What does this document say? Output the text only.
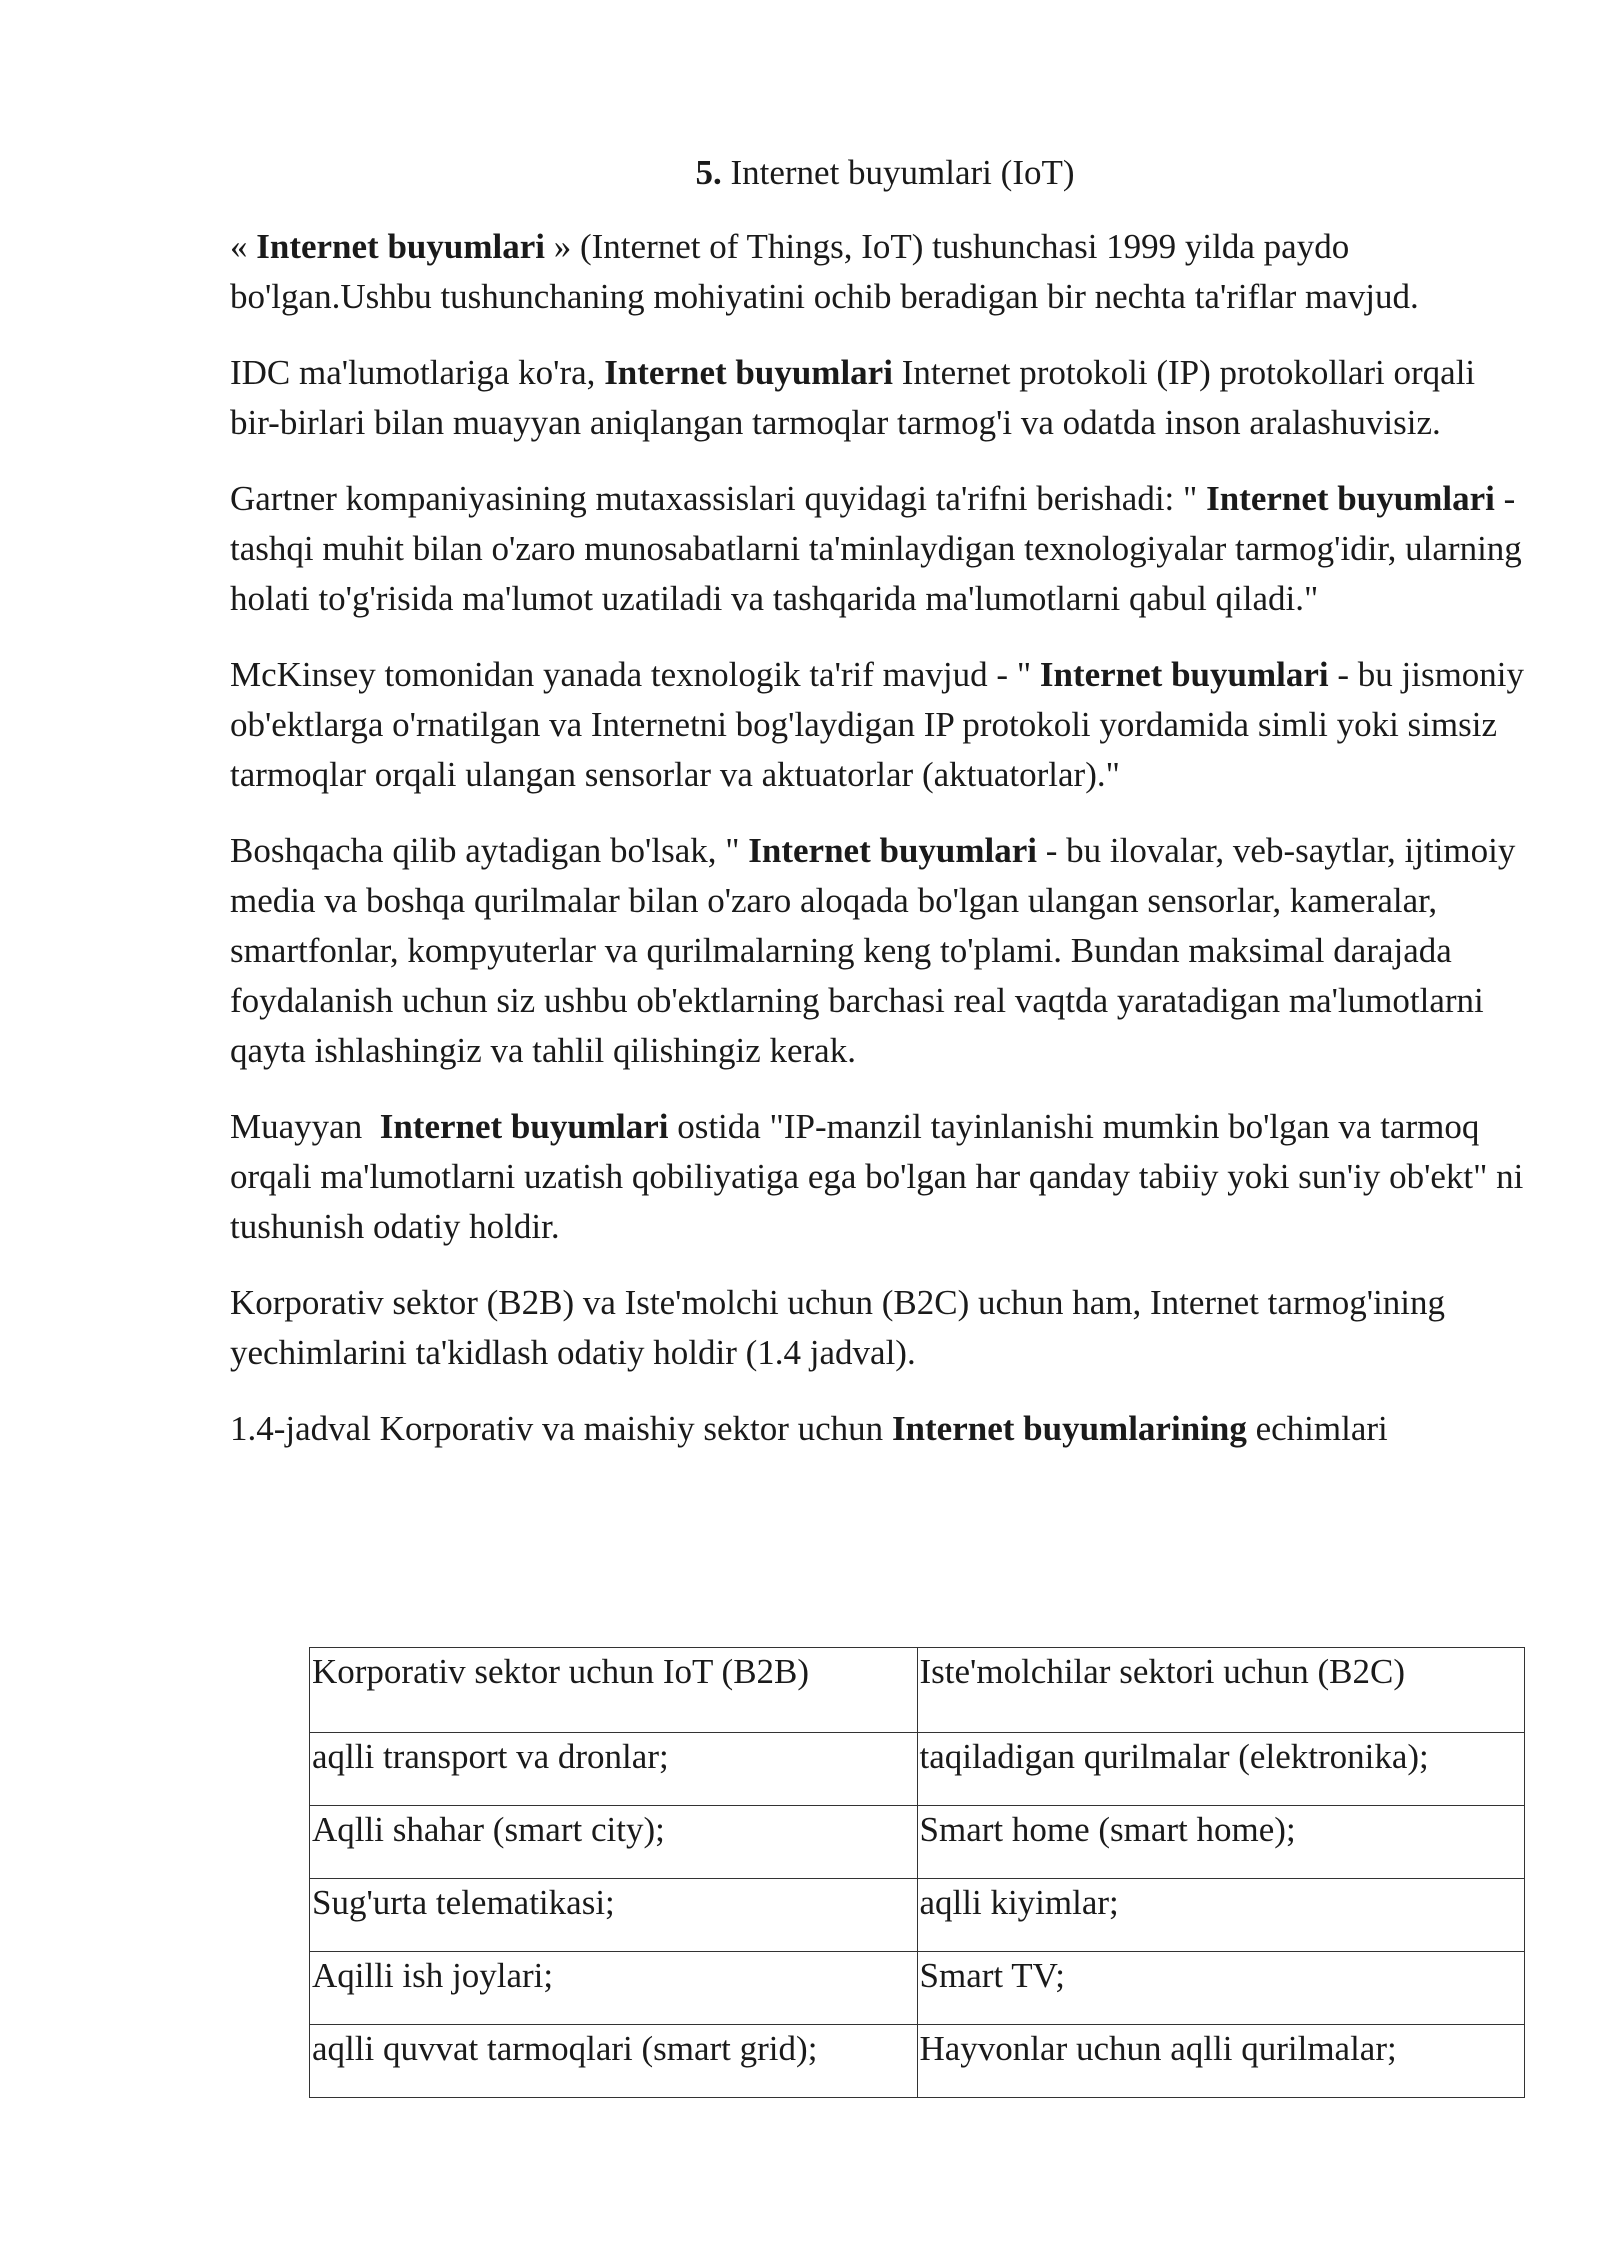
5. Internet buyumlari (IoT)

« Internet buyumlari » (Internet of Things, IoT) tushunchasi 1999 yilda paydo bo'lgan.Ushbu tushunchaning mohiyatini ochib beradigan bir nechta ta'riflar mavjud.

IDC ma'lumotlariga ko'ra, Internet buyumlari Internet protokoli (IP) protokollari orqali bir-birlari bilan muayyan aniqlangan tarmoqlar tarmog'i va odatda inson aralashuvisiz.

Gartner kompaniyasining mutaxassislari quyidagi ta'rifni berishadi: " Internet buyumlari - tashqi muhit bilan o'zaro munosabatlarni ta'minlaydigan texnologiyalar tarmog'idir, ularning holati to'g'risida ma'lumot uzatiladi va tashqarida ma'lumotlarni qabul qiladi."

McKinsey tomonidan yanada texnologik ta'rif mavjud - " Internet buyumlari - bu jismoniy ob'ektlarga o'rnatilgan va Internetni bog'laydigan IP protokoli yordamida simli yoki simsiz tarmoqlar orqali ulangan sensorlar va aktuatorlar (aktuatorlar)."

Boshqacha qilib aytadigan bo'lsak, " Internet buyumlari - bu ilovalar, veb-saytlar, ijtimoiy media va boshqa qurilmalar bilan o'zaro aloqada bo'lgan ulangan sensorlar, kameralar, smartfonlar, kompyuterlar va qurilmalarning keng to'plami. Bundan maksimal darajada foydalanish uchun siz ushbu ob'ektlarning barchasi real vaqtda yaratadigan ma'lumotlarni qayta ishlashingiz va tahlil qilishingiz kerak.

Muayyan  Internet buyumlari ostida "IP-manzil tayinlanishi mumkin bo'lgan va tarmoq orqali ma'lumotlarni uzatish qobiliyatiga ega bo'lgan har qanday tabiiy yoki sun'iy ob'ekt" ni tushunish odatiy holdir.

Korporativ sektor (B2B) va Iste'molchi uchun (B2C) uchun ham, Internet tarmog'ining yechimlarini ta'kidlash odatiy holdir (1.4 jadval).

1.4-jadval Korporativ va maishiy sektor uchun Internet buyumlarining echimlari

Korporativ sektor uchun IoT (B2B)	Iste'molchilar sektori uchun (B2C)
aqlli transport va dronlar;	taqiladigan qurilmalar (elektronika);
Aqlli shahar (smart city);	Smart home (smart home);
Sug'urta telematikasi;	aqlli kiyimlar;
Aqilli ish joylari;	Smart TV;
aqlli quvvat tarmoqlari (smart grid);	Hayvonlar uchun aqlli qurilmalar;
